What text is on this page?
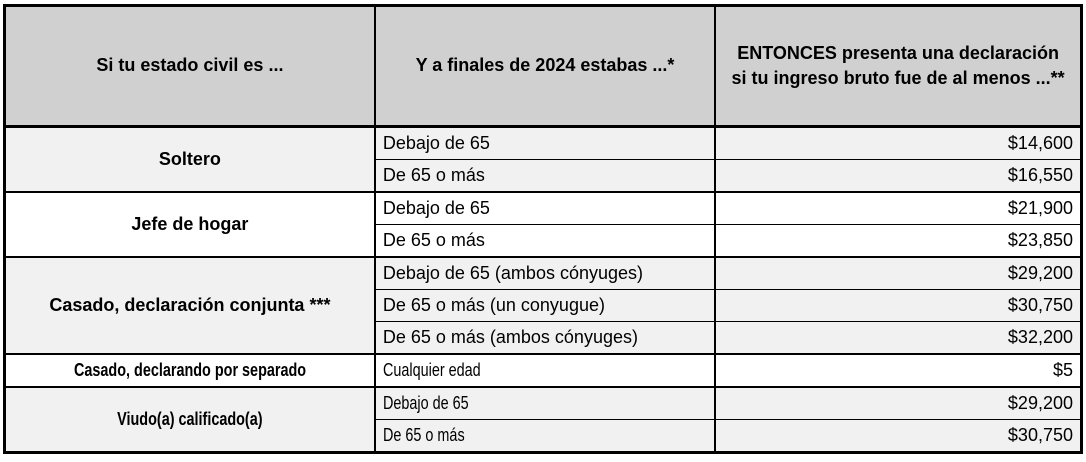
Si tu estado civil es ...	Y a finales de 2024 estabas ...*	ENTONCES presenta una declaración si tu ingreso bruto fue de al menos ...**
Soltero	Debajo de 65	$14,600
	De 65 o más	$16,550
Jefe de hogar	Debajo de 65	$21,900
	De 65 o más	$23,850
Casado, declaración conjunta ***	Debajo de 65 (ambos cónyuges)	$29,200
	De 65 o más (un conyugue)	$30,750
	De 65 o más (ambos cónyuges)	$32,200
Casado, declarando por separado	Cualquier edad	$5
Viudo(a) calificado(a)	Debajo de 65	$29,200
	De 65 o más	$30,750
